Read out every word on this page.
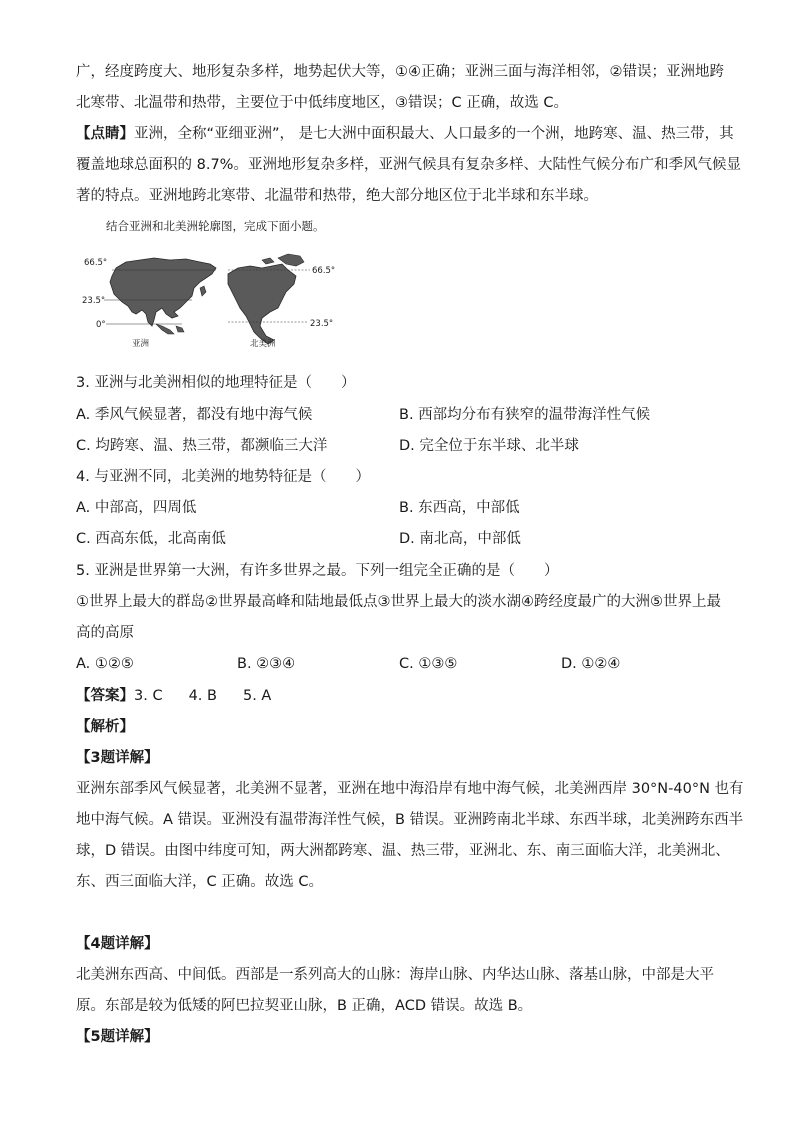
广，经度跨度大、地形复杂多样，地势起伏大等，①④正确；亚洲三面与海洋相邻，②错误；亚洲地跨
北寒带、北温带和热带，主要位于中低纬度地区，③错误；C 正确，故选 C。
【点睛】亚洲，全称“亚细亚洲”， 是七大洲中面积最大、人口最多的一个洲，地跨寒、温、热三带，其
覆盖地球总面积的 8.7%。亚洲地形复杂多样，亚洲气候具有复杂多样、大陆性气候分布广和季风气候显
著的特点。亚洲地跨北寒带、北温带和热带，绝大部分地区位于北半球和东半球。
结合亚洲和北美洲轮廓图，完成下面小题。
66.5°
23.5°
0°
亚洲
66.5°
23.5°
北美洲
3. 亚洲与北美洲相似的地理特征是（　　）
A. 季风气候显著，都没有地中海气候	B. 西部均分布有狭窄的温带海洋性气候
C. 均跨寒、温、热三带，都濒临三大洋	D. 完全位于东半球、北半球
4. 与亚洲不同，北美洲的地势特征是（　　）
A. 中部高，四周低	B. 东西高，中部低
C. 西高东低，北高南低	D. 南北高，中部低
5. 亚洲是世界第一大洲，有许多世界之最。下列一组完全正确的是（　　）
①世界上最大的群岛②世界最高峰和陆地最低点③世界上最大的淡水湖④跨经度最广的大洲⑤世界上最
高的高原
A. ①②⑤	B. ②③④	C. ①③⑤	D. ①②④
【答案】3. C 4. B 5. A
【解析】
【3题详解】
亚洲东部季风气候显著，北美洲不显著，亚洲在地中海沿岸有地中海气候，北美洲西岸 30°N-40°N 也有
地中海气候。A 错误。亚洲没有温带海洋性气候，B 错误。亚洲跨南北半球、东西半球，北美洲跨东西半
球，D 错误。由图中纬度可知，两大洲都跨寒、温、热三带，亚洲北、东、南三面临大洋，北美洲北、
东、西三面临大洋，C 正确。故选 C。
【4题详解】
北美洲东西高、中间低。西部是一系列高大的山脉：海岸山脉、内华达山脉、落基山脉，中部是大平
原。东部是较为低矮的阿巴拉契亚山脉，B 正确，ACD 错误。故选 B。
【5题详解】
